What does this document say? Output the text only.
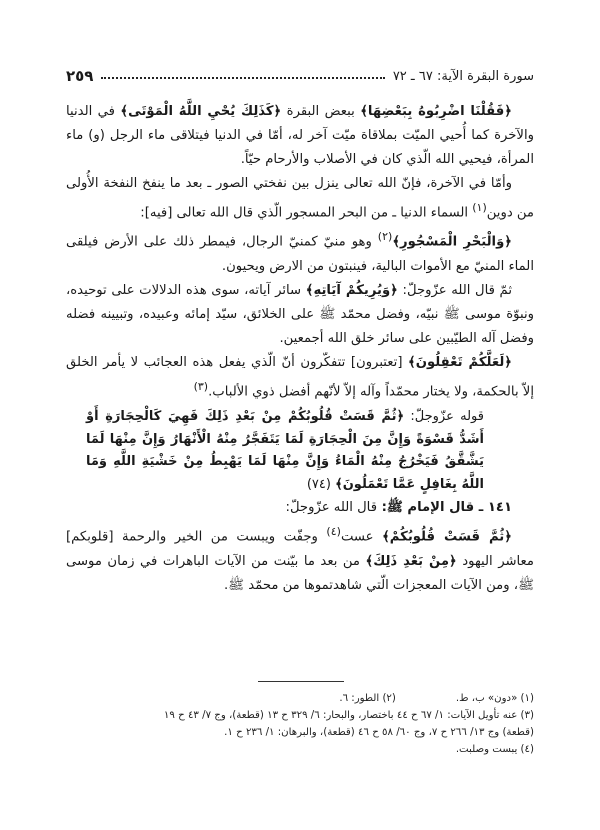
سورة البقرة الآية: ٦٧ ـ ٧٢
٢٥٩

﴿فَقُلْنَا اضْرِبُوهُ بِبَعْضِهَا﴾ ببعض البقرة ﴿كَذَلِكَ يُحْيِ اللَّهُ الْمَوْتَى﴾ في الدنيا والآخرة كما أُحيي الميّت بملاقاة ميّت آخر له، أمّا في الدنيا فيتلاقى ماء الرجل (و) ماء المرأة، فيحيي الله الّذي كان في الأصلاب والأرحام حيّاً.

وأمّا في الآخرة، فإنّ الله تعالى ينزل بين نفختي الصور ـ بعد ما ينفخ النفخة الأُولى من دوين$^{(١)}$ السماء الدنيا ـ من البحر المسجور الّذي قال الله تعالى [فيه]:

﴿وَالْبَحْرِ الْمَسْجُورِ﴾$^{(٢)}$ وهو منيّ كمنيّ الرجال، فيمطر ذلك على الأرض فيلقى الماء المنيّ مع الأموات البالية، فينبتون من الارض ويحيون.

ثمّ قال الله عزّوجلّ: ﴿وَيُرِيكُمْ آيَاتِهِ﴾ سائر آياته، سوى هذه الدلالات على توحيده، ونبوّة موسى ﷺ نبيّه، وفضل محمّد ﷺ على الخلائق، سيّد إمائه وعبيده، وتبيينه فضله وفضل آله الطيّبين على سائر خلق الله أجمعين.

﴿لَعَلَّكُمْ تَعْقِلُونَ﴾ [تعتبرون] تتفكّرون أنّ الّذي يفعل هذه العجائب لا يأمر الخلق إلاّ بالحكمة، ولا يختار محمّداً وآله إلاّ لأنّهم أفضل ذوي الألباب.$^{(٣)}$

قوله عزّوجلّ: ﴿ثُمَّ قَسَتْ قُلُوبُكُمْ مِنْ بَعْدِ ذَلِكَ فَهِيَ كَالْحِجَارَةِ أَوْ أَشَدُّ قَسْوَةً وَإِنَّ مِنَ الْحِجَارَةِ لَمَا يَتَفَجَّرُ مِنْهُ الْأَنْهَارُ وَإِنَّ مِنْهَا لَمَا يَشَّقَّقُ فَيَخْرُجُ مِنْهُ الْمَاءُ وَإِنَّ مِنْهَا لَمَا يَهْبِطُ مِنْ خَشْيَةِ اللَّهِ وَمَا اللَّهُ بِغَافِلٍ عَمَّا تَعْمَلُونَ﴾ (٧٤)

١٤١ ـ قال الإمام ﷺ: قال الله عزّوجلّ:

﴿ثُمَّ قَسَتْ قُلُوبُكُمْ﴾ عست$^{(٤)}$ وجفّت ويبست من الخير والرحمة [قلوبكم] معاشر اليهود ﴿مِنْ بَعْدِ ذَلِكَ﴾ من بعد ما بيّنت من الآيات الباهرات في زمان موسى ﷺ، ومن الآيات المعجزات الّتي شاهدتموها من محمّد ﷺ.

(١) «دون» ب، ط.
(٢) الطور: ٦.
(٣) عنه تأويل الآيات: ١/ ٦٧ ح ٤٤ باختصار، والبحار: ٦/ ٣٢٩ ح ١٣ (قطعة)، وج ٧/ ٤٣ ح ١٩
(قطعة) وج ١٣/ ٢٦٦ ح ٧، وج ٦٠/ ٥٨ ح ٤٦ (قطعة)، والبرهان: ١/ ٢٣٦ ح ١.
(٤) يبست وصلبت.
